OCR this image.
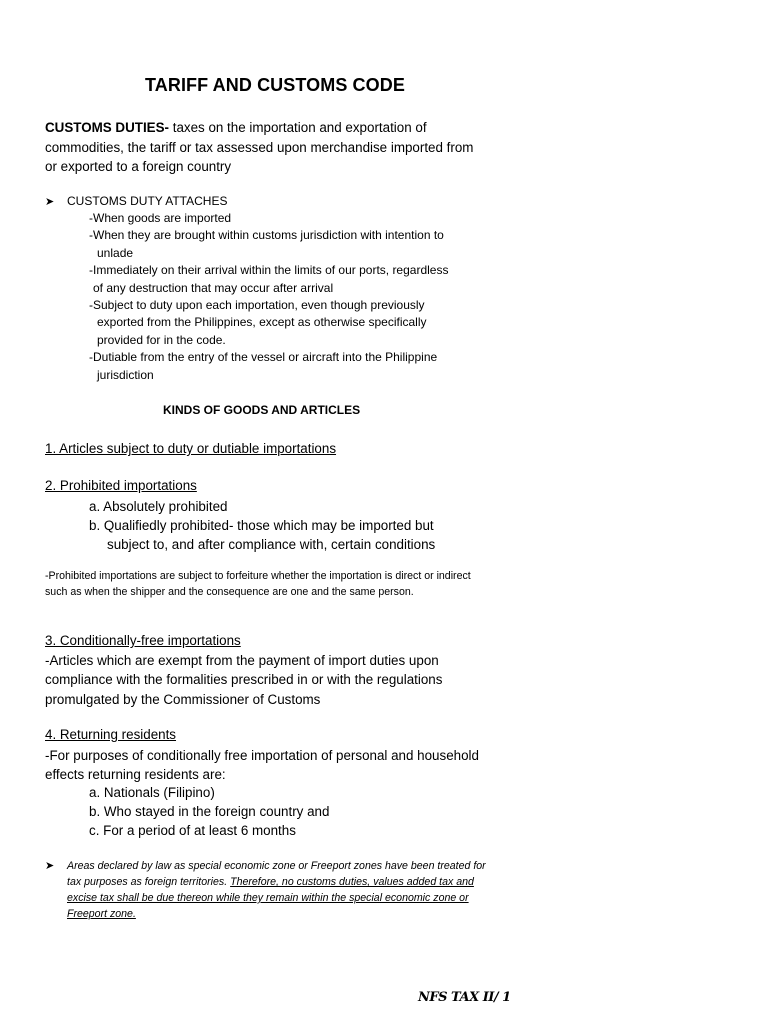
TARIFF AND CUSTOMS CODE
CUSTOMS DUTIES- taxes on the importation and exportation of commodities, the tariff or tax assessed upon merchandise imported from or exported to a foreign country
➤ CUSTOMS DUTY ATTACHES
-When goods are imported
-When they are brought within customs jurisdiction with intention to
unlade
-Immediately on their arrival within the limits of our ports, regardless
of any destruction that may occur after arrival
-Subject to duty upon each importation, even though previously
exported from the Philippines, except as otherwise specifically
provided for in the code.
-Dutiable from the entry of the vessel or aircraft into the Philippine
jurisdiction
KINDS OF GOODS AND ARTICLES
1. Articles subject to duty or dutiable importations
2. Prohibited importations
a. Absolutely prohibited
b. Qualifiedly prohibited- those which may be imported but
subject to, and after compliance with, certain conditions
-Prohibited importations are subject to forfeiture whether the importation is direct or indirect such as when the shipper and the consequence are one and the same person.
3. Conditionally-free importations
-Articles which are exempt from the payment of import duties upon compliance with the formalities prescribed in or with the regulations promulgated by the Commissioner of Customs
4. Returning residents
-For purposes of conditionally free importation of personal and household effects returning residents are:
a. Nationals (Filipino)
b. Who stayed in the foreign country and
c. For a period of at least 6 months
➤ Areas declared by law as special economic zone or Freeport zones have been treated for tax purposes as foreign territories. Therefore, no customs duties, values added tax and excise tax shall be due thereon while they remain within the special economic zone or Freeport zone.
NFS TAX II/ 1
